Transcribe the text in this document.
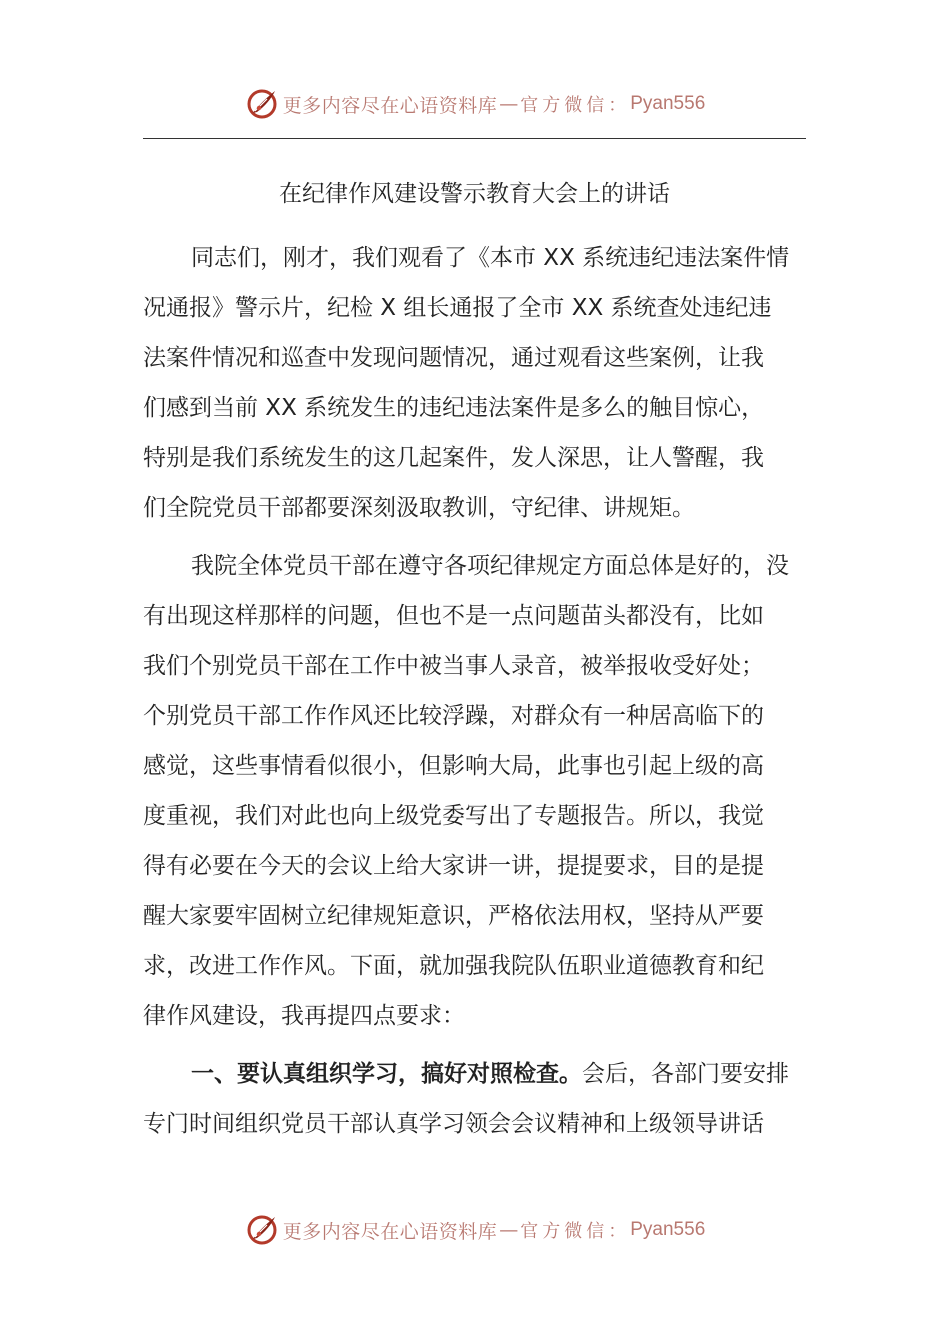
更多内容尽在心语资料库 — 官方微信： Pyan556
在纪律作风建设警示教育大会上的讲话
同志们，刚才，我们观看了《本市 XX 系统违纪违法案件情
况通报》警示片，纪检 X 组长通报了全市 XX 系统查处违纪违
法案件情况和巡查中发现问题情况，通过观看这些案例，让我
们感到当前 XX 系统发生的违纪违法案件是多么的触目惊心，
特别是我们系统发生的这几起案件，发人深思，让人警醒，我
们全院党员干部都要深刻汲取教训，守纪律、讲规矩。
我院全体党员干部在遵守各项纪律规定方面总体是好的，没
有出现这样那样的问题，但也不是一点问题苗头都没有，比如
我们个别党员干部在工作中被当事人录音，被举报收受好处；
个别党员干部工作作风还比较浮躁，对群众有一种居高临下的
感觉，这些事情看似很小，但影响大局，此事也引起上级的高
度重视，我们对此也向上级党委写出了专题报告。所以，我觉
得有必要在今天的会议上给大家讲一讲，提提要求，目的是提
醒大家要牢固树立纪律规矩意识，严格依法用权，坚持从严要
求，改进工作作风。下面，就加强我院队伍职业道德教育和纪
律作风建设，我再提四点要求：
一、要认真组织学习，搞好对照检查。会后，各部门要安排
专门时间组织党员干部认真学习领会会议精神和上级领导讲话
更多内容尽在心语资料库 — 官方微信： Pyan556
